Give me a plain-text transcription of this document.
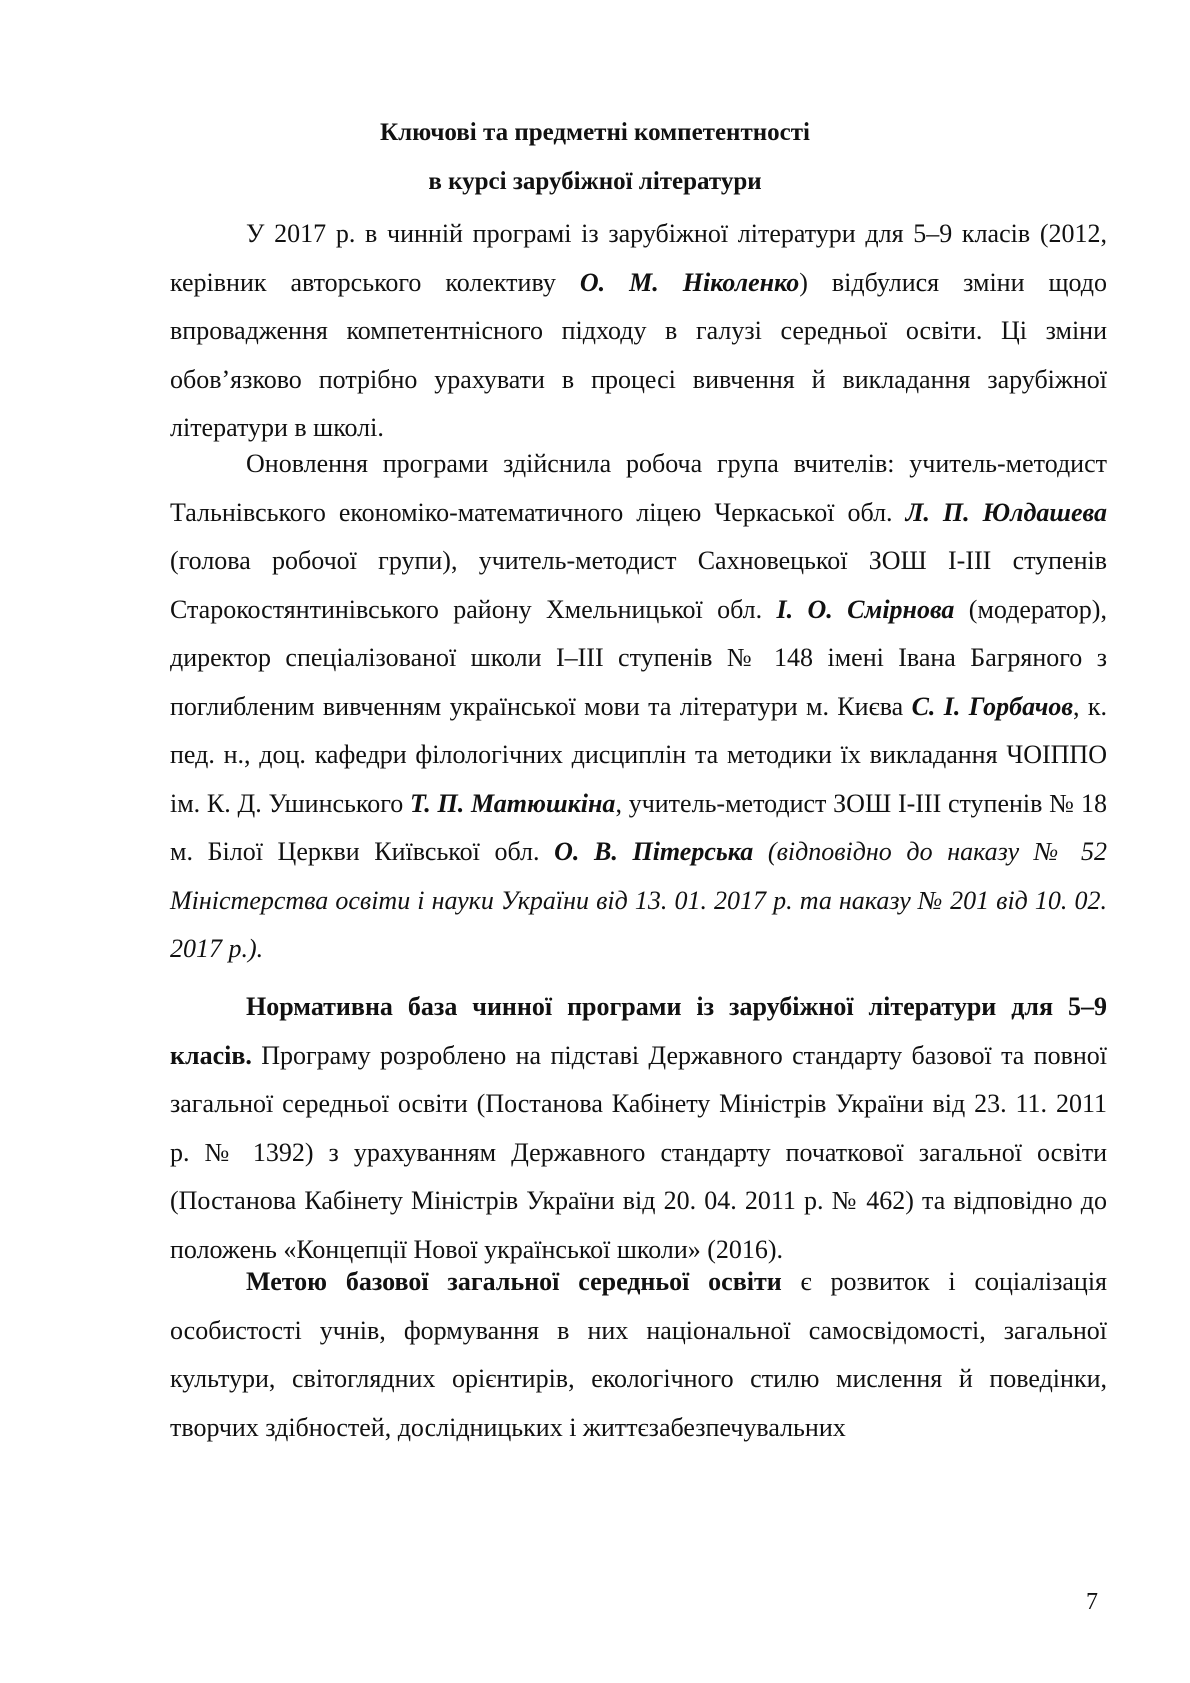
Ключові та предметні компетентності
в курсі зарубіжної літератури

У 2017 р. в чинній програмі із зарубіжної літератури для 5–9 класів (2012, керівник авторського колективу О. М. Ніколенко) відбулися зміни щодо впровадження компетентнісного підходу в галузі середньої освіти. Ці зміни обов’язково потрібно урахувати в процесі вивчення й викладання зарубіжної літератури в школі.

Оновлення програми здійснила робоча група вчителів: учитель-методист Тальнівського економіко-математичного ліцею Черкаської обл. Л. П. Юлдашева (голова робочої групи), учитель-методист Сахновецької ЗОШ І-ІІІ ступенів Старокостянтинівського району Хмельницької обл. І. О. Смірнова (модератор), директор спеціалізованої школи І–ІІІ ступенів № 148 імені Івана Багряного з поглибленим вивченням української мови та літератури м. Києва С. І. Горбачов, к. пед. н., доц. кафедри філологічних дисциплін та методики їх викладання ЧОІППО ім. К. Д. Ушинського Т. П. Матюшкіна, учитель-методист ЗОШ І-ІІІ ступенів № 18 м. Білої Церкви Київської обл. О. В. Пітерська (відповідно до наказу № 52 Міністерства освіти і науки України від 13. 01. 2017 р. та наказу № 201 від 10. 02. 2017 р.).

Нормативна база чинної програми із зарубіжної літератури для 5–9 класів. Програму розроблено на підставі Державного стандарту базової та повної загальної середньої освіти (Постанова Кабінету Міністрів України від 23. 11. 2011 р. № 1392) з урахуванням Державного стандарту початкової загальної освіти (Постанова Кабінету Міністрів України від 20. 04. 2011 р. № 462) та відповідно до положень «Концепції Нової української школи» (2016).

Метою базової загальної середньої освіти є розвиток і соціалізація особистості учнів, формування в них національної самосвідомості, загальної культури, світоглядних орієнтирів, екологічного стилю мислення й поведінки, творчих здібностей, дослідницьких і життєзабезпечувальних

7
